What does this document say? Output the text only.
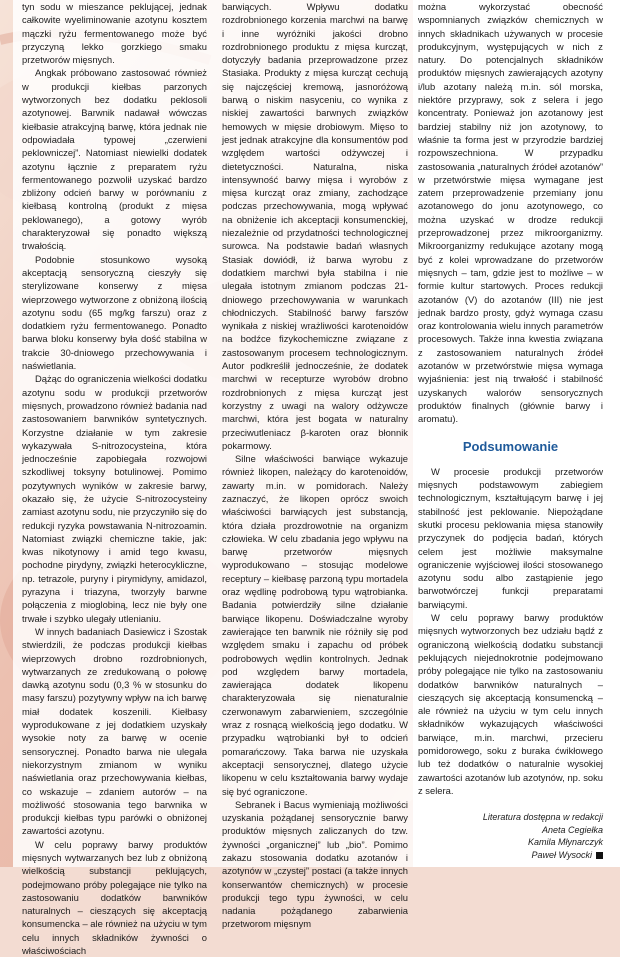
tyn sodu w mieszance peklującej, jednak całkowite wyeliminowanie azotynu kosztem mączki ryżu fermentowanego może być przyczyną lekko gorzkiego smaku przetworów mięsnych.

Angkak próbowano zastosować również w produkcji kiełbas parzonych wytworzonych bez dodatku peklosoli azotynowej. Barwnik nadawał wówczas kiełbasie atrakcyjną barwę, która jednak nie odpowiadała typowej „czerwieni peklowniczej”. Natomiast niewielki dodatek azotynu łącznie z preparatem ryżu fermentowanego pozwolił uzyskać bardzo zbliżony odcień barwy w porównaniu z kiełbasą kontrolną (produkt z mięsa peklowanego), a gotowy wyrób charakteryzował się ponadto większą trwałością.

Podobnie stosunkowo wysoką akceptacją sensoryczną cieszyły się sterylizowane konserwy z mięsa wieprzowego wytworzone z obniżoną ilością azotynu sodu (65 mg/kg farszu) oraz z dodatkiem ryżu fermentowanego. Ponadto barwa bloku konserwy była dość stabilna w trakcie 30-dniowego przechowywania i naświetlania.

Dążąc do ograniczenia wielkości dodatku azotynu sodu w produkcji przetworów mięsnych, prowadzono również badania nad zastosowaniem barwników syntetycznych. Korzystne działanie w tym zakresie wykazywała S-nitrozocysteina, która jednocześnie zapobiegała rozwojowi szkodliwej toksyny botulinowej. Pomimo pozytywnych wyników w zakresie barwy, okazało się, że użycie S-nitrozocysteiny zamiast azotynu sodu, nie przyczyniło się do redukcji ryzyka powstawania N-nitrozoamin. Natomiast związki chemiczne takie, jak: kwas nikotynowy i amid tego kwasu, pochodne pirydyny, związki heterocykliczne, np. tetrazole, puryny i pirymidyny, amidazol, pyrazyna i triazyna, tworzyły barwne połączenia z mioglobiną, lecz nie były one trwałe i szybko ulegały utlenianiu.

W innych badaniach Dasiewicz i Szostak stwierdzili, że podczas produkcji kiełbas wieprzowych drobno rozdrobnionych, wytwarzanych ze zredukowaną o połowę dawką azotynu sodu (0,3 % w stosunku do masy farszu) pozytywny wpływ na ich barwę miał dodatek koszenili. Kiełbasy wyprodukowane z jej dodatkiem uzyskały wysokie noty za barwę w ocenie sensorycznej. Ponadto barwa nie ulegała niekorzystnym zmianom w wyniku naświetlania oraz przechowywania kiełbas, co wskazuje – zdaniem autorów – na możliwość stosowania tego barwnika w produkcji kiełbas typu parówki o obniżonej zawartości azotynu.

W celu poprawy barwy produktów mięsnych wytwarzanych bez lub z obniżoną wielkością substancji peklujących, podejmowano próby polegające nie tylko na zastosowaniu dodatków barwników naturalnych – cieszących się akceptacją konsumencka – ale również na użyciu w tym celu innych składników żywności o właściwościach

barwiących. Wpływu dodatku rozdrobnionego korzenia marchwi na barwę i inne wyróżniki jakości drobno rozdrobnionego produktu z mięsa kurcząt, dotyczyły badania przeprowadzone przez Stasiaka. Produkty z mięsa kurcząt cechują się najczęściej kremową, jasnoróżową barwą o niskim nasyceniu, co wynika z niskiej zawartości barwnych związków hemowych w mięsie drobiowym. Mięso to jest jednak atrakcyjne dla konsumentów pod względem wartości odżywczej i dietetyczności. Naturalna, niska intensywność barwy mięsa i wyrobów z mięsa kurcząt oraz zmiany, zachodzące podczas przechowywania, mogą wpływać na obniżenie ich akceptacji konsumenckiej, niezależnie od przydatności technologicznej surowca. Na podstawie badań własnych Stasiak dowiódł, iż barwa wyrobu z dodatkiem marchwi była stabilna i nie ulegała istotnym zmianom podczas 21-dniowego przechowywania w warunkach chłodniczych. Stabilność barwy farszów wynikała z niskiej wrażliwości karotenoidów na bodźce fizykochemiczne związane z zastosowanym procesem technologicznym. Autor podkreślił jednocześnie, że dodatek marchwi w recepturze wyrobów drobno rozdrobnionych z mięsa kurcząt jest korzystny z uwagi na walory odżywcze marchwi, która jest bogata w naturalny przeciwutleniacz β-karoten oraz błonnik pokarmowy.

Silne właściwości barwiące wykazuje również likopen, należący do karotenoidów, zawarty m.in. w pomidorach. Należy zaznaczyć, że likopen oprócz swoich właściwości barwiących jest substancją, która działa prozdrowotnie na organizm człowieka. W celu zbadania jego wpływu na barwę przetworów mięsnych wyprodukowano – stosując modelowe receptury – kiełbasę parzoną typu mortadela oraz wędlinę podrobową typu wątrobianka. Badania potwierdziły silne działanie barwiące likopenu. Doświadczalne wyroby zawierające ten barwnik nie różniły się pod względem smaku i zapachu od próbek podrobowych wędlin kontrolnych. Jednak pod względem barwy mortadela, zawierająca dodatek likopenu charakteryzowała się nienaturalnie czerwonawym zabarwieniem, szczególnie wraz z rosnącą wielkością jego dodatku. W przypadku wątrobianki był to odcień pomarańczowy. Taka barwa nie uzyskała akceptacji sensorycznej, dlatego użycie likopenu w celu kształtowania barwy wydaje się być ograniczone.

Sebranek i Bacus wymieniają możliwości uzyskania pożądanej sensorycznie barwy produktów mięsnych zaliczanych do tzw. żywności „organicznej” lub „bio”. Pomimo zakazu stosowania dodatku azotanów i azotynów w „czystej” postaci (a także innych konserwantów chemicznych) w procesie produkcji tego typu żywności, w celu nadania pożądanego zabarwienia przetworom mięsnym

można wykorzystać obecność wspomnianych związków chemicznych w innych składnikach używanych w procesie produkcyjnym, występujących w nich z natury. Do potencjalnych składników produktów mięsnych zawierających azotyny i/lub azotany należą m.in. sól morska, niektóre przyprawy, sok z selera i jego koncentraty. Ponieważ jon azotanowy jest bardziej stabilny niż jon azotynowy, to właśnie ta forma jest w przyrodzie bardziej rozpowszechniona. W przypadku zastosowania „naturalnych źródeł azotanów” w przetwórstwie mięsa wymagane jest zatem przeprowadzenie przemiany jonu azotanowego do jonu azotynowego, co można uzyskać w drodze redukcji przeprowadzonej przez mikroorganizmy. Mikroorganizmy redukujące azotany mogą być z kolei wprowadzane do przetworów mięsnych – tam, gdzie jest to możliwe – w formie kultur startowych. Proces redukcji azotanów (V) do azotanów (III) nie jest jednak bardzo prosty, gdyż wymaga czasu oraz kontrolowania wielu innych parametrów procesowych. Także inna kwestia związana z zastosowaniem naturalnych źródeł azotanów w przetwórstwie mięsa wymaga wyjaśnienia: jest nią trwałość i stabilność uzyskanych walorów sensorycznych produktów finalnych (głównie barwy i aromatu).

Podsumowanie

W procesie produkcji przetworów mięsnych podstawowym zabiegiem technologicznym, kształtującym barwę i jej stabilność jest peklowanie. Niepożądane skutki procesu peklowania mięsa stanowiły przyczynek do podjęcia badań, których celem jest możliwie maksymalne ograniczenie wyjściowej ilości stosowanego azotynu sodu albo zastąpienie jego barwotwórczej funkcji preparatami barwiącymi.

W celu poprawy barwy produktów mięsnych wytworzonych bez udziału bądź z ograniczoną wielkością dodatku substancji peklujących niejednokrotnie podejmowano próby polegające nie tylko na zastosowaniu dodatków barwników naturalnych – cieszących się akceptacją konsumencką – ale również na użyciu w tym celu innych składników wykazujących właściwości barwiące, m.in. marchwi, przecieru pomidorowego, soku z buraka ćwikłowego lub też dodatków o naturalnie wysokiej zawartości azotanów lub azotynów, np. soku z selera.

Literatura dostępna w redakcji
Aneta Cegiełka
Kamila Młynarczyk
Paweł Wysocki
